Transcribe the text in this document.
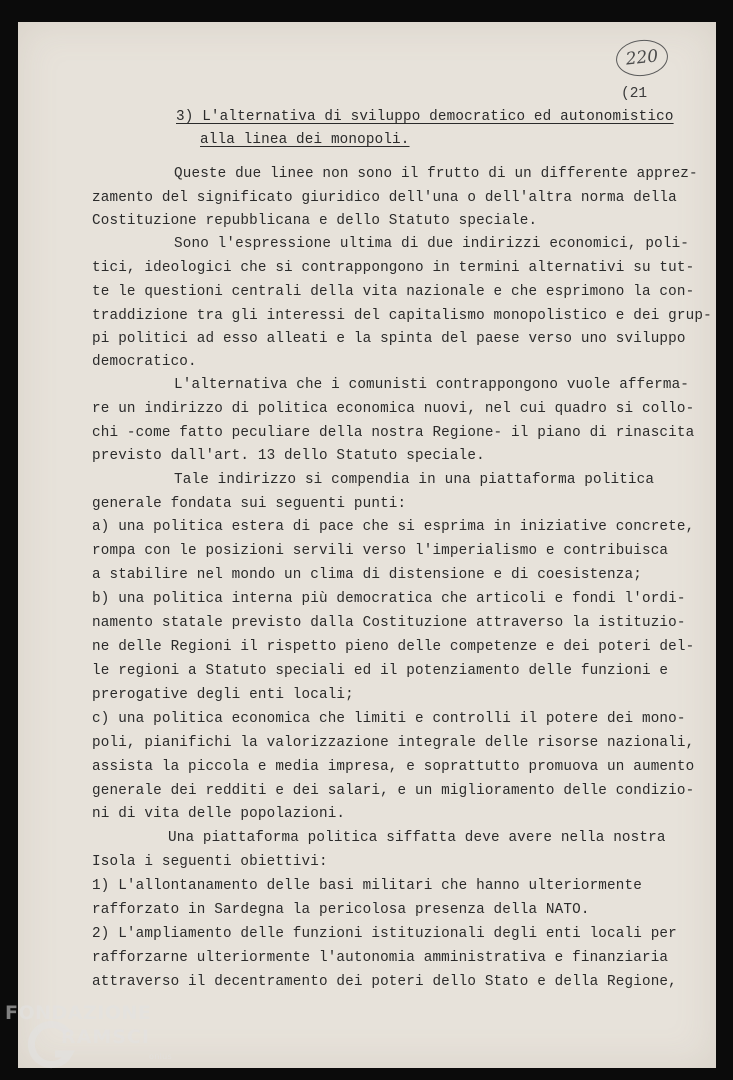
220
(21
3) L'alternativa di sviluppo democratico ed autonomistico
alla linea dei monopoli.
Queste due linee non sono il frutto di un differente apprez-
zamento del significato giuridico dell'una o dell'altra norma della
Costituzione repubblicana e dello Statuto speciale.
Sono l'espressione ultima di due indirizzi economici, poli-
tici, ideologici che si contrappongono in termini alternativi su tut-
te le questioni centrali della vita nazionale e che esprimono la con-
traddizione tra gli interessi del capitalismo monopolistico e dei grup-
pi politici ad esso alleati e la spinta del paese verso uno sviluppo
democratico.
L'alternativa che i comunisti contrappongono vuole afferma-
re un indirizzo di politica economica nuovi, nel cui quadro si collo-
chi -come fatto peculiare della nostra Regione- il piano di rinascita
previsto dall'art. 13 dello Statuto speciale.
Tale indirizzo si compendia in una piattaforma politica
generale fondata sui seguenti punti:
a) una politica estera di pace che si esprima in iniziative concrete,
rompa con le posizioni servili verso l'imperialismo e contribuisca
a stabilire nel mondo un clima di distensione e di coesistenza;
b) una politica interna più democratica che articoli e fondi l'ordi-
namento statale previsto dalla Costituzione attraverso la istituzio-
ne delle Regioni il rispetto pieno delle competenze e dei poteri del-
le regioni a Statuto speciali ed il potenziamento delle funzioni e
prerogative degli enti locali;
c) una politica economica che limiti e controlli il potere dei mono-
poli, pianifichi la valorizzazione integrale delle risorse nazionali,
assista la piccola e media impresa, e soprattutto promuova un aumento
generale dei redditi e dei salari, e un miglioramento delle condizio-
ni di vita delle popolazioni.
Una piattaforma politica siffatta deve avere nella nostra
Isola i seguenti obiettivi:
1) L'allontanamento delle basi militari che hanno ulteriormente
rafforzato in Sardegna la pericolosa presenza della NATO.
2) L'ampliamento delle funzioni istituzionali degli enti locali per
rafforzarne ulteriormente l'autonomia amministrativa e finanziaria
attraverso il decentramento dei poteri dello Stato e della Regione,
FONDAZIONE
RAMSCI
onlus
